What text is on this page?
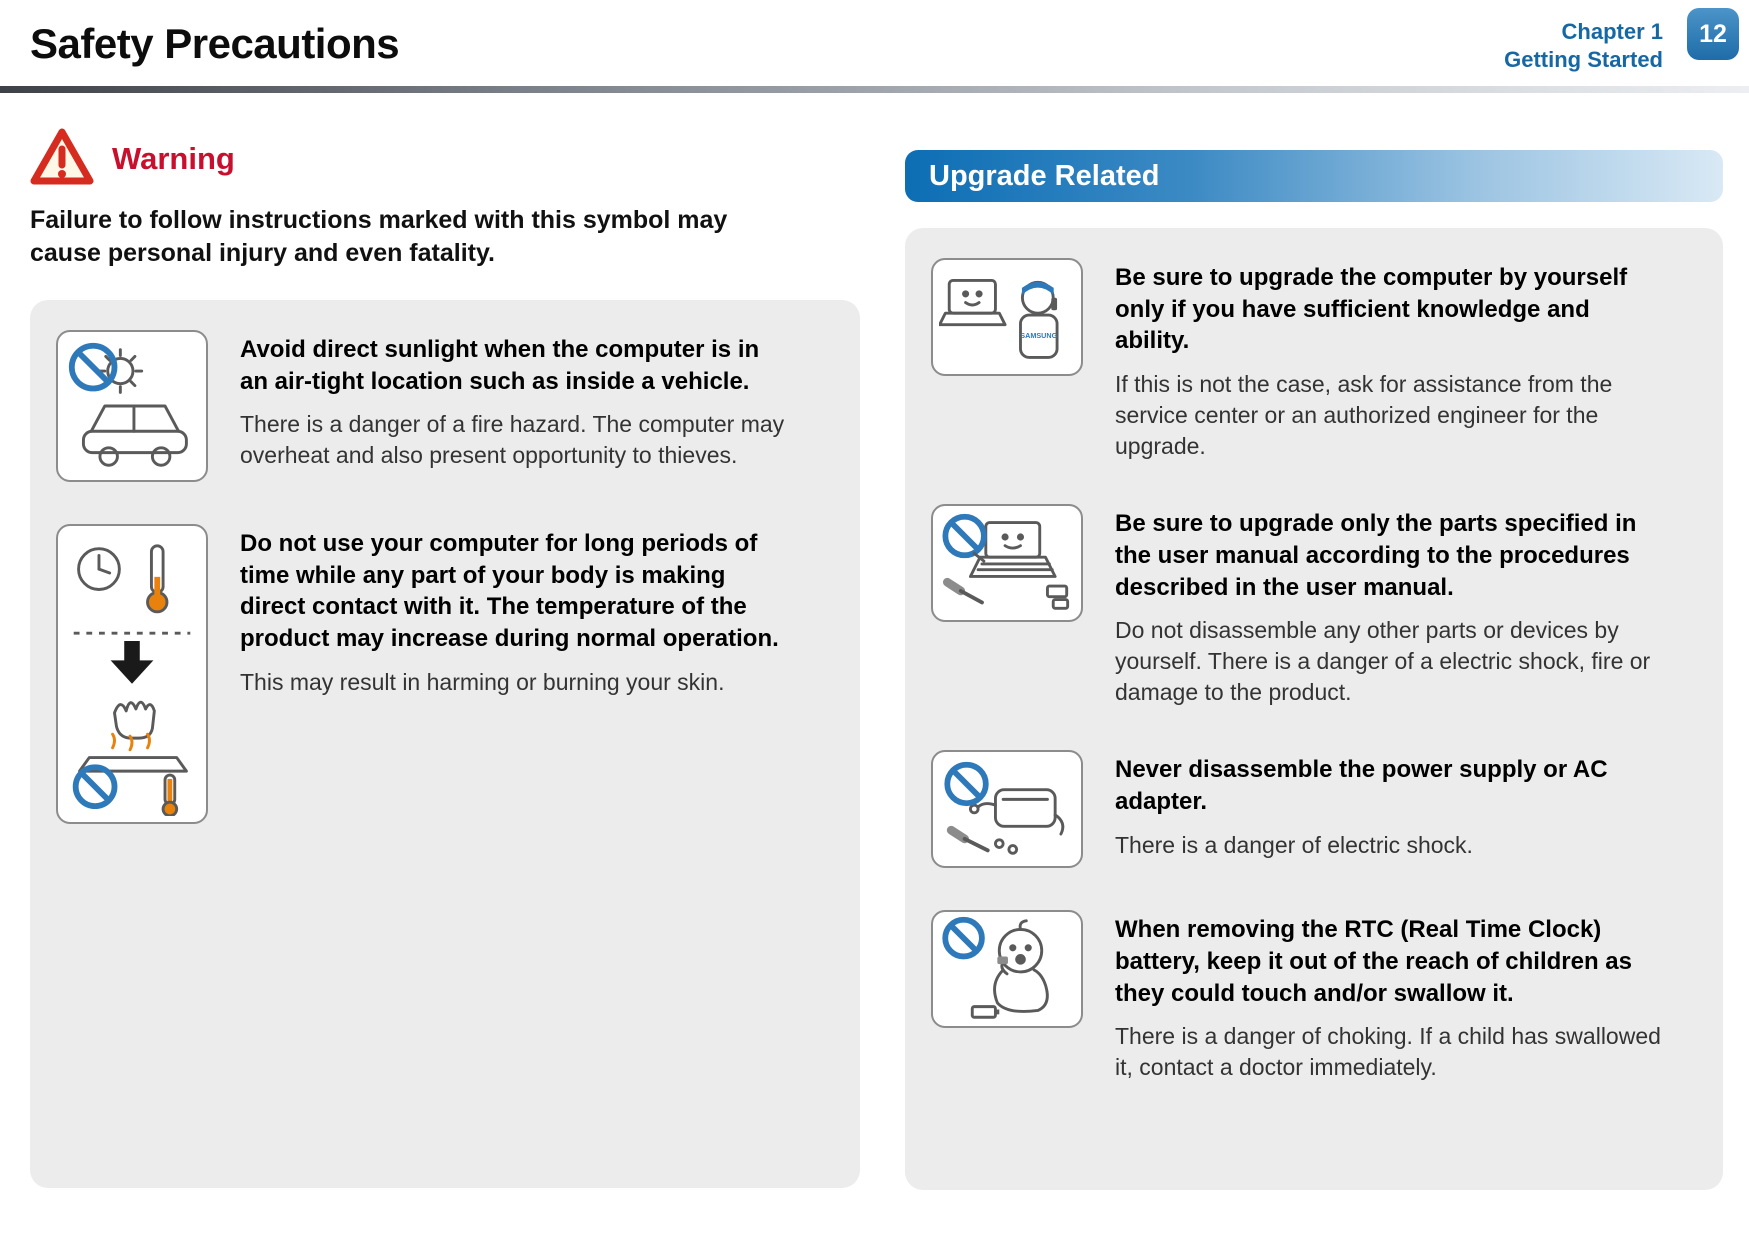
Safety Precautions	Chapter 1
Getting Started
12
Warning
Failure to follow instructions marked with this symbol may cause personal injury and even fatality.
Avoid direct sunlight when the computer is in an air-tight location such as inside a vehicle.
There is a danger of a fire hazard. The computer may overheat and also present opportunity to thieves.
Do not use your computer for long periods of time while any part of your body is making direct contact with it. The temperature of the product may increase during normal operation.
This may result in harming or burning your skin.
Upgrade Related
SAMSUNG
Be sure to upgrade the computer by yourself only if you have sufficient knowledge and ability.
If this is not the case, ask for assistance from the service center or an authorized engineer for the upgrade.
Be sure to upgrade only the parts specified in the user manual according to the procedures described in the user manual.
Do not disassemble any other parts or devices by yourself. There is a danger of a electric shock, fire or damage to the product.
Never disassemble the power supply or AC adapter.
There is a danger of electric shock.
When removing the RTC (Real Time Clock) battery, keep it out of the reach of children as they could touch and/or swallow it.
There is a danger of choking. If a child has swallowed it, contact a doctor immediately.
